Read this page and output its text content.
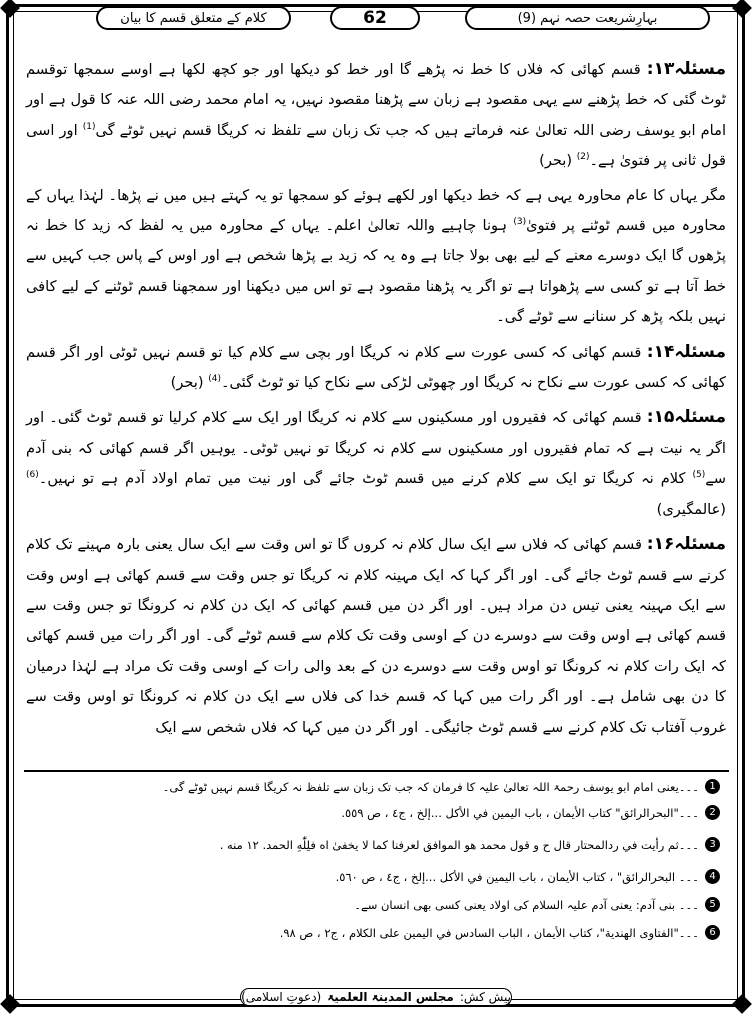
بہارِشریعت حصہ نہم (9)
62
کلام کے متعلق قسم کا بیان

مسئلہ۱۳: قسم کھائی کہ فلاں کا خط نہ پڑھے گا اور خط کو دیکھا اور جو کچھ لکھا ہے اوسے سمجھا توقسم ٹوٹ گئی کہ خط پڑھنے سے یہی مقصود ہے زبان سے پڑھنا مقصود نہیں، یہ امام محمد رضی اللہ عنہ کا قول ہے اور امام ابو یوسف رضی اللہ تعالیٰ عنہ فرماتے ہیں کہ جب تک زبان سے تلفظ نہ کریگا قسم نہیں ٹوٹے گی$^{(1)}$ اور اسی قول ثانی پر فتویٰ ہے۔$^{(2)}$ (بحر)

مگر یہاں کا عام محاورہ یہی ہے کہ خط دیکھا اور لکھے ہوئے کو سمجھا تو یہ کہتے ہیں میں نے پڑھا۔ لہٰذا یہاں کے محاورہ میں قسم ٹوٹنے پر فتویٰ$^{(3)}$ ہونا چاہیے واللہ تعالیٰ اعلم۔ یہاں کے محاورہ میں یہ لفظ کہ زید کا خط نہ پڑھوں گا ایک دوسرے معنے کے لیے بھی بولا جاتا ہے وہ یہ کہ زید بے پڑھا شخص ہے اور اوس کے پاس جب کہیں سے خط آتا ہے تو کسی سے پڑھواتا ہے تو اگر یہ پڑھنا مقصود ہے تو اس میں دیکھنا اور سمجھنا قسم ٹوٹنے کے لیے کافی نہیں بلکہ پڑھ کر سنانے سے ٹوٹے گی۔

مسئلہ۱۴: قسم کھائی کہ کسی عورت سے کلام نہ کریگا اور بچی سے کلام کیا تو قسم نہیں ٹوٹی اور اگر قسم کھائی کہ کسی عورت سے نکاح نہ کریگا اور چھوٹی لڑکی سے نکاح کیا تو ٹوٹ گئی۔$^{(4)}$ (بحر)

مسئلہ۱۵: قسم کھائی کہ فقیروں اور مسکینوں سے کلام نہ کریگا اور ایک سے کلام کرلیا تو قسم ٹوٹ گئی۔ اور اگر یہ نیت ہے کہ تمام فقیروں اور مسکینوں سے کلام نہ کریگا تو نہیں ٹوٹی۔ یوہیں اگر قسم کھائی کہ بنی آدم سے$^{(5)}$ کلام نہ کریگا تو ایک سے کلام کرنے میں قسم ٹوٹ جائے گی اور نیت میں تمام اولاد آدم ہے تو نہیں۔$^{(6)}$ (عالمگیری)

مسئلہ۱۶: قسم کھائی کہ فلاں سے ایک سال کلام نہ کروں گا تو اس وقت سے ایک سال یعنی بارہ مہینے تک کلام کرنے سے قسم ٹوٹ جائے گی۔ اور اگر کہا کہ ایک مہینہ کلام نہ کریگا تو جس وقت سے قسم کھائی ہے اوس وقت سے ایک مہینہ یعنی تیس دن مراد ہیں۔ اور اگر دن میں قسم کھائی کہ ایک دن کلام نہ کرونگا تو جس وقت سے قسم کھائی ہے اوس وقت سے دوسرے دن کے اوسی وقت تک کلام سے قسم ٹوٹے گی۔ اور اگر رات میں قسم کھائی کہ ایک رات کلام نہ کرونگا تو اوس وقت سے دوسرے دن کے بعد والی رات کے اوسی وقت تک مراد ہے لہٰذا درمیان کا دن بھی شامل ہے۔ اور اگر رات میں کہا کہ قسم خدا کی فلاں سے ایک دن کلام نہ کرونگا تو اوس وقت سے غروب آفتاب تک کلام کرنے سے قسم ٹوٹ جائیگی۔ اور اگر دن میں کہا کہ فلاں شخص سے ایک

1
۔۔۔یعنی امام ابو یوسف رحمۃ اللہ تعالیٰ علیہ کا فرمان کہ جب تک زبان سے تلفظ نہ کریگا قسم نہیں ٹوٹے گی۔
2
۔۔۔"البحرالرائق" كتاب الأيمان ، باب اليمين في الأكل ...إلخ ، ج٤ ، ص ٥٥٩.
3
۔۔۔ثم رأيت في ردالمحتار قال ح و قول محمد هو الموافق لعرفنا كما لا يخفىٰ اه فلِلّٰهِ الحمد. ١٢ منه .
4
۔۔۔ البحرالرائق" ، كتاب الأيمان ، باب اليمين في الأكل ...إلخ ، ج٤ ، ص ٥٦٠.
5
۔۔۔ بنی آدم: یعنی آدم علیہ السلام کی اولاد یعنی کسی بھی انسان سے۔
6
۔۔۔"الفتاوى الهندية"، كتاب الأيمان ، الباب السادس في اليمين على الكلام ، ج٢ ، ص ٩٨.
پیش کش:
مجلس المدینۃ العلمیۃ
(دعوتِ اسلامی)
